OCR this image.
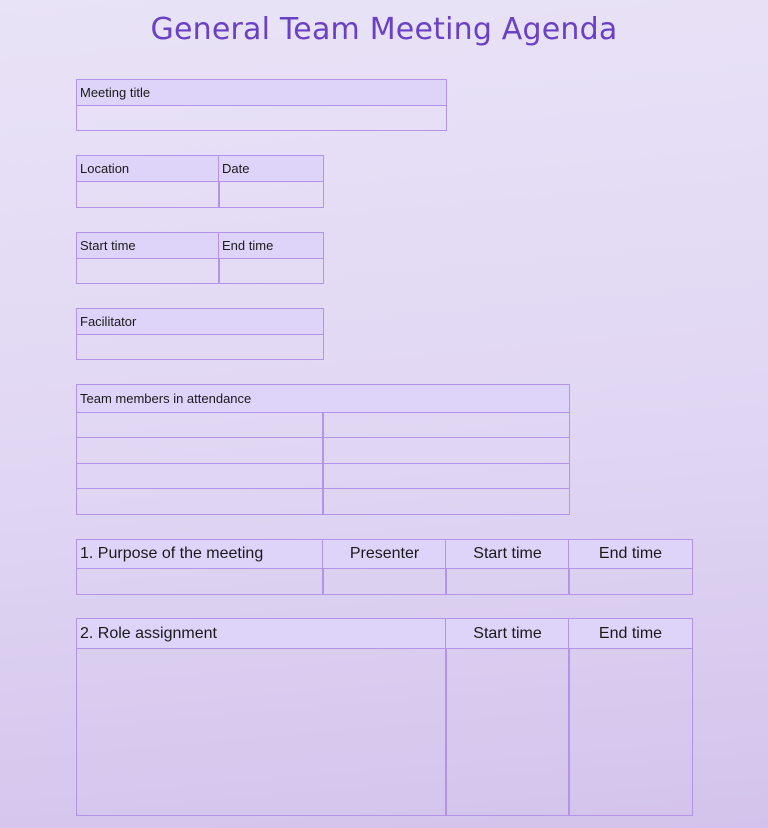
General Team Meeting Agenda
Meeting title
Location	Date
Start time	End time
Facilitator
Team members in attendance
1. Purpose of the meeting	Presenter	Start time	End time
2. Role assignment	Start time	End time
